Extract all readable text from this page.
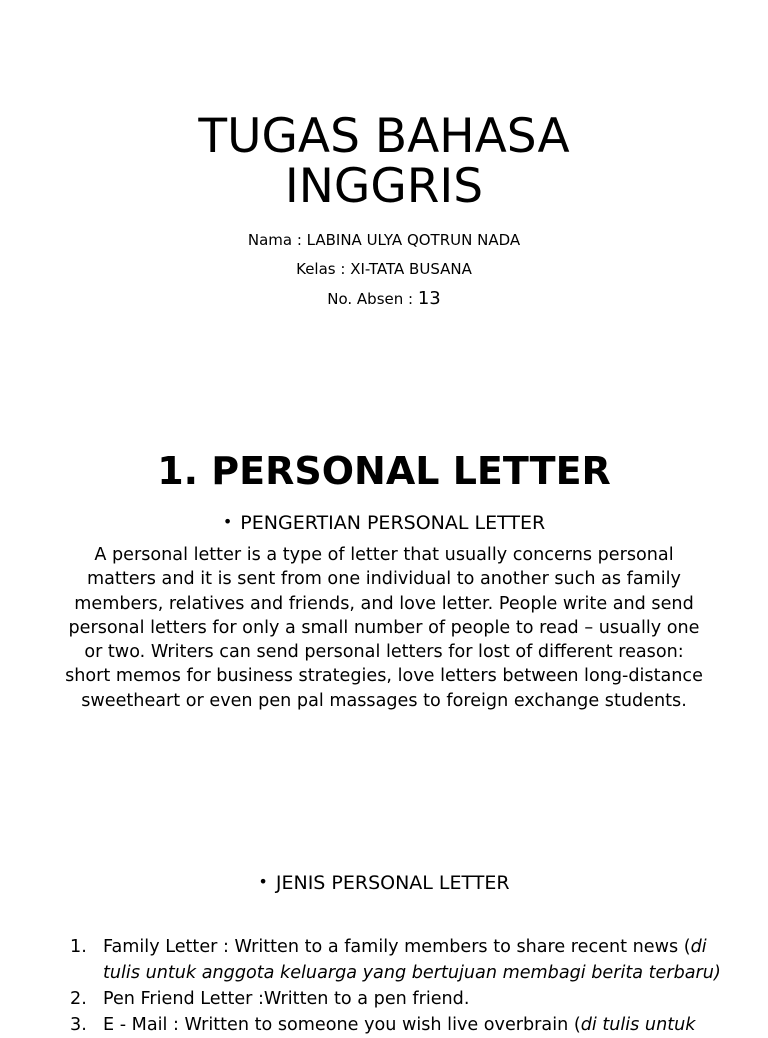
TUGAS BAHASA
INGGRIS
Nama : LABINA ULYA QOTRUN NADA
Kelas : XI-TATA BUSANA
No. Absen : 13
1. PERSONAL LETTER
• PENGERTIAN PERSONAL LETTER

A personal letter is a type of letter that usually concerns personal
matters and it is sent from one individual to another such as family
members, relatives and friends, and love letter. People write and send
personal letters for only a small number of people to read – usually one
or two. Writers can send personal letters for lost of different reason:
short memos for business strategies, love letters between long-distance
sweetheart or even pen pal massages to foreign exchange students.

• JENIS PERSONAL LETTER
1. Family Letter : Written to a family members to share recent news (di
tulis untuk anggota keluarga yang bertujuan membagi berita terbaru)
2. Pen Friend Letter :Written to a pen friend.
3. E - Mail : Written to someone you wish live overbrain (di tulis untuk
